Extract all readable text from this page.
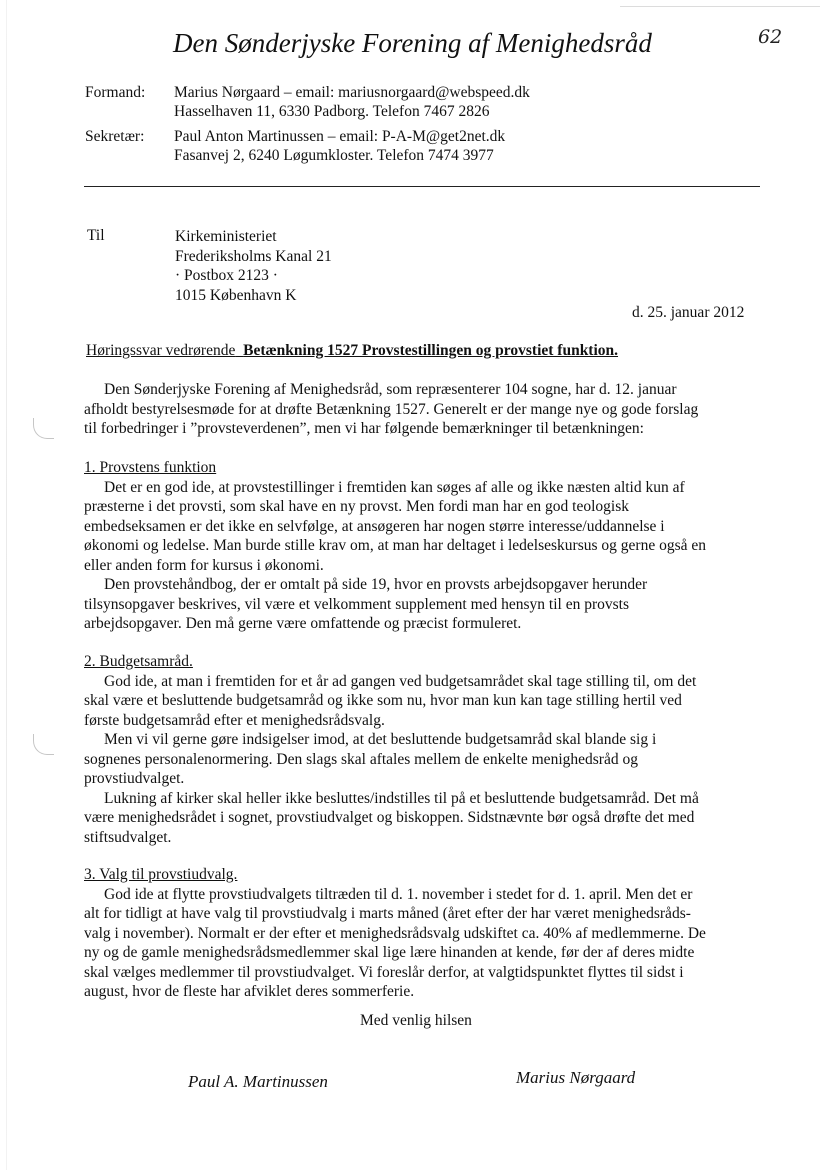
Den Sønderjyske Forening af Menighedsråd	62
Formand: Marius Nørgaard – email: mariusnorgaard@webspeed.dk
Hasselhaven 11, 6330 Padborg. Telefon 7467 2826
Sekretær: Paul Anton Martinussen – email: P-A-M@get2net.dk
Fasanvej 2, 6240 Løgumkloster. Telefon 7474 3977
Til	Kirkeministeriet
Frederiksholms Kanal 21
· Postbox 2123 ·
1015 København K
d. 25. januar 2012
Høringssvar vedrørende Betænkning 1527 Provstestillingen og provstiet funktion.
Den Sønderjyske Forening af Menighedsråd, som repræsenterer 104 sogne, har d. 12. januar
afholdt bestyrelsesmøde for at drøfte Betænkning 1527. Generelt er der mange nye og gode forslag
til forbedringer i ”provsteverdenen”, men vi har følgende bemærkninger til betænkningen:
1. Provstens funktion
Det er en god ide, at provstestillinger i fremtiden kan søges af alle og ikke næsten altid kun af
præsterne i det provsti, som skal have en ny provst. Men fordi man har en god teologisk
embedseksamen er det ikke en selvfølge, at ansøgeren har nogen større interesse/uddannelse i
økonomi og ledelse. Man burde stille krav om, at man har deltaget i ledelseskursus og gerne også en
eller anden form for kursus i økonomi.
Den provstehåndbog, der er omtalt på side 19, hvor en provsts arbejdsopgaver herunder
tilsynsopgaver beskrives, vil være et velkomment supplement med hensyn til en provsts
arbejdsopgaver. Den må gerne være omfattende og præcist formuleret.
2. Budgetsamråd.
God ide, at man i fremtiden for et år ad gangen ved budgetsamrådet skal tage stilling til, om det
skal være et besluttende budgetsamråd og ikke som nu, hvor man kun kan tage stilling hertil ved
første budgetsamråd efter et menighedsrådsvalg.
Men vi vil gerne gøre indsigelser imod, at det besluttende budgetsamråd skal blande sig i
sognenes personalenormering. Den slags skal aftales mellem de enkelte menighedsråd og
provstiudvalget.
Lukning af kirker skal heller ikke besluttes/indstilles til på et besluttende budgetsamråd. Det må
være menighedsrådet i sognet, provstiudvalget og biskoppen. Sidstnævnte bør også drøfte det med
stiftsudvalget.
3. Valg til provstiudvalg.
God ide at flytte provstiudvalgets tiltræden til d. 1. november i stedet for d. 1. april. Men det er
alt for tidligt at have valg til provstiudvalg i marts måned (året efter der har været menighedsråds-
valg i november). Normalt er der efter et menighedsrådsvalg udskiftet ca. 40% af medlemmerne. De
ny og de gamle menighedsrådsmedlemmer skal lige lære hinanden at kende, før der af deres midte
skal vælges medlemmer til provstiudvalget. Vi foreslår derfor, at valgtidspunktet flyttes til sidst i
august, hvor de fleste har afviklet deres sommerferie.
Med venlig hilsen
Paul A. Martinussen	Marius Nørgaard
